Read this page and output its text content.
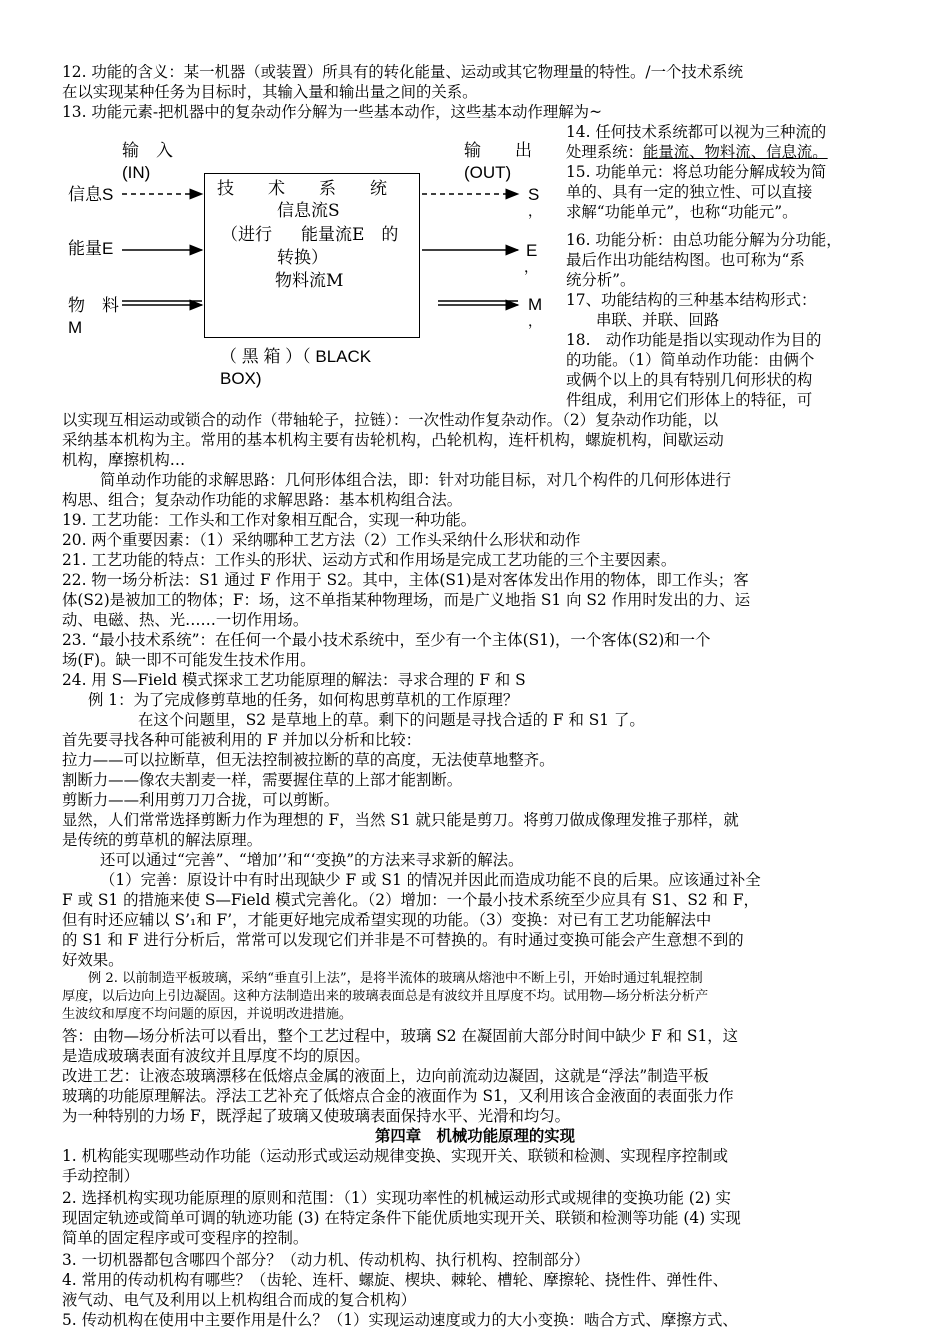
12. 功能的含义：某一机器（或装置）所具有的转化能量、运动或其它物理量的特性。/一个技术系统
在以实现某种任务为目标时，其输入量和输出量之间的关系。
13. 功能元素-把机器中的复杂动作分解为一些基本动作，这些基本动作理解为~
输　入
(IN)
输　　出
(OUT)
信息S
能量E
物　料
M
S
，
E
，
M
，
技　　术　　系　　统
信息流S
（进行 能量流E　的
转换）
物料流M
（ 黑 箱 ）（ BLACK
BOX)
14. 任何技术系统都可以视为三种流的
处理系统：能量流、物料流、信息流。
15. 功能单元：将总功能分解成较为简
单的、具有一定的独立性、可以直接
求解“功能单元”，也称“功能元”。
16. 功能分析：由总功能分解为分功能，
最后作出功能结构图。也可称为“系
统分析”。
17、功能结构的三种基本结构形式：
串联、并联、回路
18.　动作功能是指以实现动作为目的
的功能。（1）简单动作功能：由俩个
或俩个以上的具有特别几何形状的构
件组成，利用它们形体上的特征，可
以实现互相运动或锁合的动作（带轴轮子，拉链）：一次性动作复杂动作。（2）复杂动作功能，以
采纳基本机构为主。常用的基本机构主要有齿轮机构，凸轮机构，连杆机构，螺旋机构，间歇运动
机构，摩擦机构…
简单动作功能的求解思路：几何形体组合法，即：针对功能目标，对几个构件的几何形体进行
构思、组合；复杂动作功能的求解思路：基本机构组合法。
19. 工艺功能：工作头和工作对象相互配合，实现一种功能。
20. 两个重要因素：（1）采纳哪种工艺方法（2）工作头采纳什么形状和动作
21. 工艺功能的特点：工作头的形状、运动方式和作用场是完成工艺功能的三个主要因素。
22. 物一场分析法：S1 通过 F 作用于 S2。其中，主体(S1)是对客体发出作用的物体，即工作头；客
体(S2)是被加工的物体；F：场，这不单指某种物理场，而是广义地指 S1 向 S2 作用时发出的力、运
动、电磁、热、光……一切作用场。
23. “最小技术系统”：在任何一个最小技术系统中，至少有一个主体(S1)，一个客体(S2)和一个
场(F)。缺一即不可能发生技术作用。
24. 用 S—Field 模式探求工艺功能原理的解法：寻求合理的 F 和 S
例 1：为了完成修剪草地的任务，如何构思剪草机的工作原理？
在这个问题里，S2 是草地上的草。剩下的问题是寻找合适的 F 和 S1 了。
首先要寻找各种可能被利用的 F 并加以分析和比较：
拉力——可以拉断草，但无法控制被拉断的草的高度，无法使草地整齐。
割断力——像农夫割麦一样，需要握住草的上部才能割断。
剪断力——利用剪刀刀合拢，可以剪断。
显然，人们常常选择剪断力作为理想的 F，当然 S1 就只能是剪刀。将剪刀做成像理发推子那样，就
是传统的剪草机的解法原理。
还可以通过“完善”、“增加’’和“‘变换”的方法来寻求新的解法。
（1）完善：原设计中有时出现缺少 F 或 S1 的情况并因此而造成功能不良的后果。应该通过补全
F 或 S1 的措施来使 S—Field 模式完善化。（2）增加：一个最小技术系统至少应具有 S1、S2 和 F，
但有时还应辅以 S’₁和 F’，才能更好地完成希望实现的功能。（3）变换：对已有工艺功能解法中
的 S1 和 F 进行分析后，常常可以发现它们并非是不可替换的。有时通过变换可能会产生意想不到的
好效果。
例 2. 以前制造平板玻璃，采纳“垂直引上法”，是将半流体的玻璃从熔池中不断上引，开始时通过轧辊控制
厚度，以后边向上引边凝固。这种方法制造出来的玻璃表面总是有波纹并且厚度不均。试用物—场分析法分析产
生波纹和厚度不均问题的原因，并说明改进措施。
答：由物—场分析法可以看出，整个工艺过程中，玻璃 S2 在凝固前大部分时间中缺少 F 和 S1，这
是造成玻璃表面有波纹并且厚度不均的原因。
改进工艺：让液态玻璃漂移在低熔点金属的液面上，边向前流动边凝固，这就是“浮法”制造平板
玻璃的功能原理解法。浮法工艺补充了低熔点合金的液面作为 S1，又利用该合金液面的表面张力作
为一种特别的力场 F，既浮起了玻璃又使玻璃表面保持水平、光滑和均匀。
第四章　机械功能原理的实现
1. 机构能实现哪些动作功能（运动形式或运动规律变换、实现开关、联锁和检测、实现程序控制或
手动控制）
2. 选择机构实现功能原理的原则和范围：（1）实现功率性的机械运动形式或规律的变换功能 (2) 实
现固定轨迹或简单可调的轨迹功能 (3) 在特定条件下能优质地实现开关、联锁和检测等功能 (4) 实现
简单的固定程序或可变程序的控制。
3. 一切机器都包含哪四个部分？（动力机、传动机构、执行机构、控制部分）
4. 常用的传动机构有哪些？（齿轮、连杆、螺旋、楔块、棘轮、槽轮、摩擦轮、挠性件、弹性件、
液气动、电气及利用以上机构组合而成的复合机构）
5. 传动机构在使用中主要作用是什么？（1）实现运动速度或力的大小变换：啮合方式、摩擦方式、
